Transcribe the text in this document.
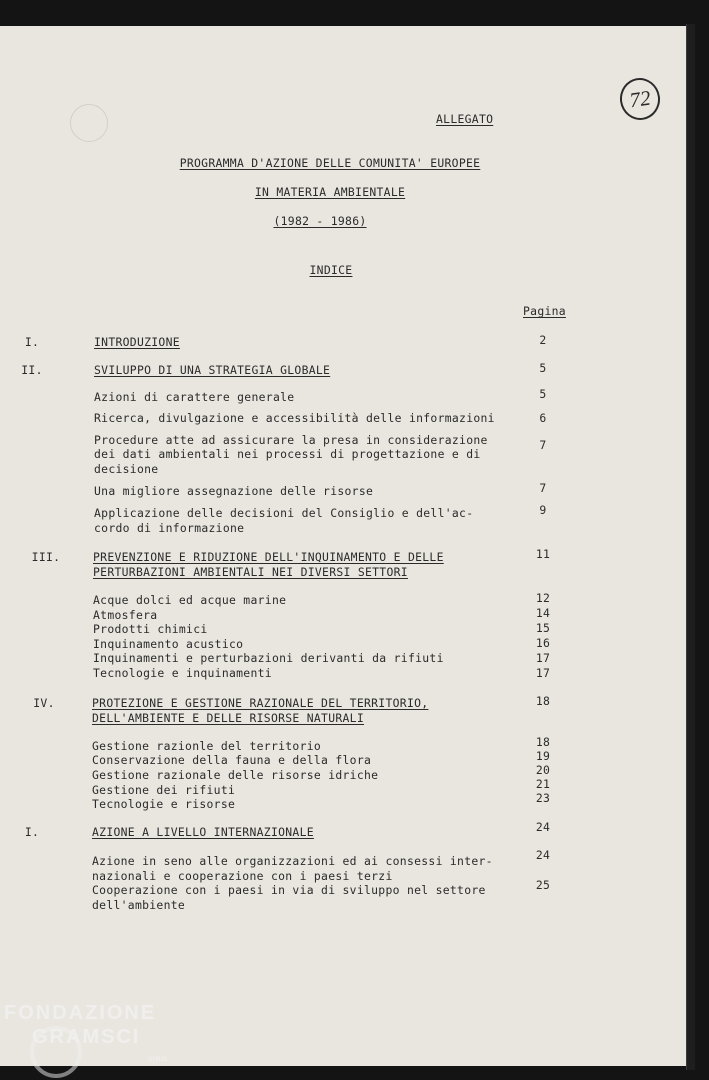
72
ALLEGATO
PROGRAMMA D'AZIONE DELLE COMUNITA' EUROPEE
IN MATERIA AMBIENTALE
(1982 - 1986)
INDICE
Pagina
I.	INTRODUZIONE	2
II.	SVILUPPO DI UNA STRATEGIA GLOBALE	5
Azioni di carattere generale	5
Ricerca, divulgazione e accessibilità delle informazioni	6
Procedure atte ad assicurare la presa in considerazione
dei dati ambientali nei processi di progettazione e di
decisione
7
Una migliore assegnazione delle risorse	7
Applicazione delle decisioni del Consiglio e dell'ac-
cordo di informazione
9
III.	PREVENZIONE E RIDUZIONE DELL'INQUINAMENTO E DELLE
PERTURBAZIONI AMBIENTALI NEI DIVERSI SETTORI
11
Acque dolci ed acque marine	12
Atmosfera	14
Prodotti chimici	15
Inquinamento acustico	16
Inquinamenti e perturbazioni derivanti da rifiuti	17
Tecnologie e inquinamenti	17
IV.	PROTEZIONE E GESTIONE RAZIONALE DEL TERRITORIO,
DELL'AMBIENTE E DELLE RISORSE NATURALI
18
Gestione razionle del territorio	18
Conservazione della fauna e della flora	19
Gestione razionale delle risorse idriche	20
Gestione dei rifiuti	21
Tecnologie e risorse	23
I.	AZIONE A LIVELLO INTERNAZIONALE	24
Azione in seno alle organizzazioni ed ai consessi inter-
nazionali e cooperazione con i paesi terzi
24
Cooperazione con i paesi in via di sviluppo nel settore
dell'ambiente
25
FONDAZIONE
GRAMSCI
onlus
